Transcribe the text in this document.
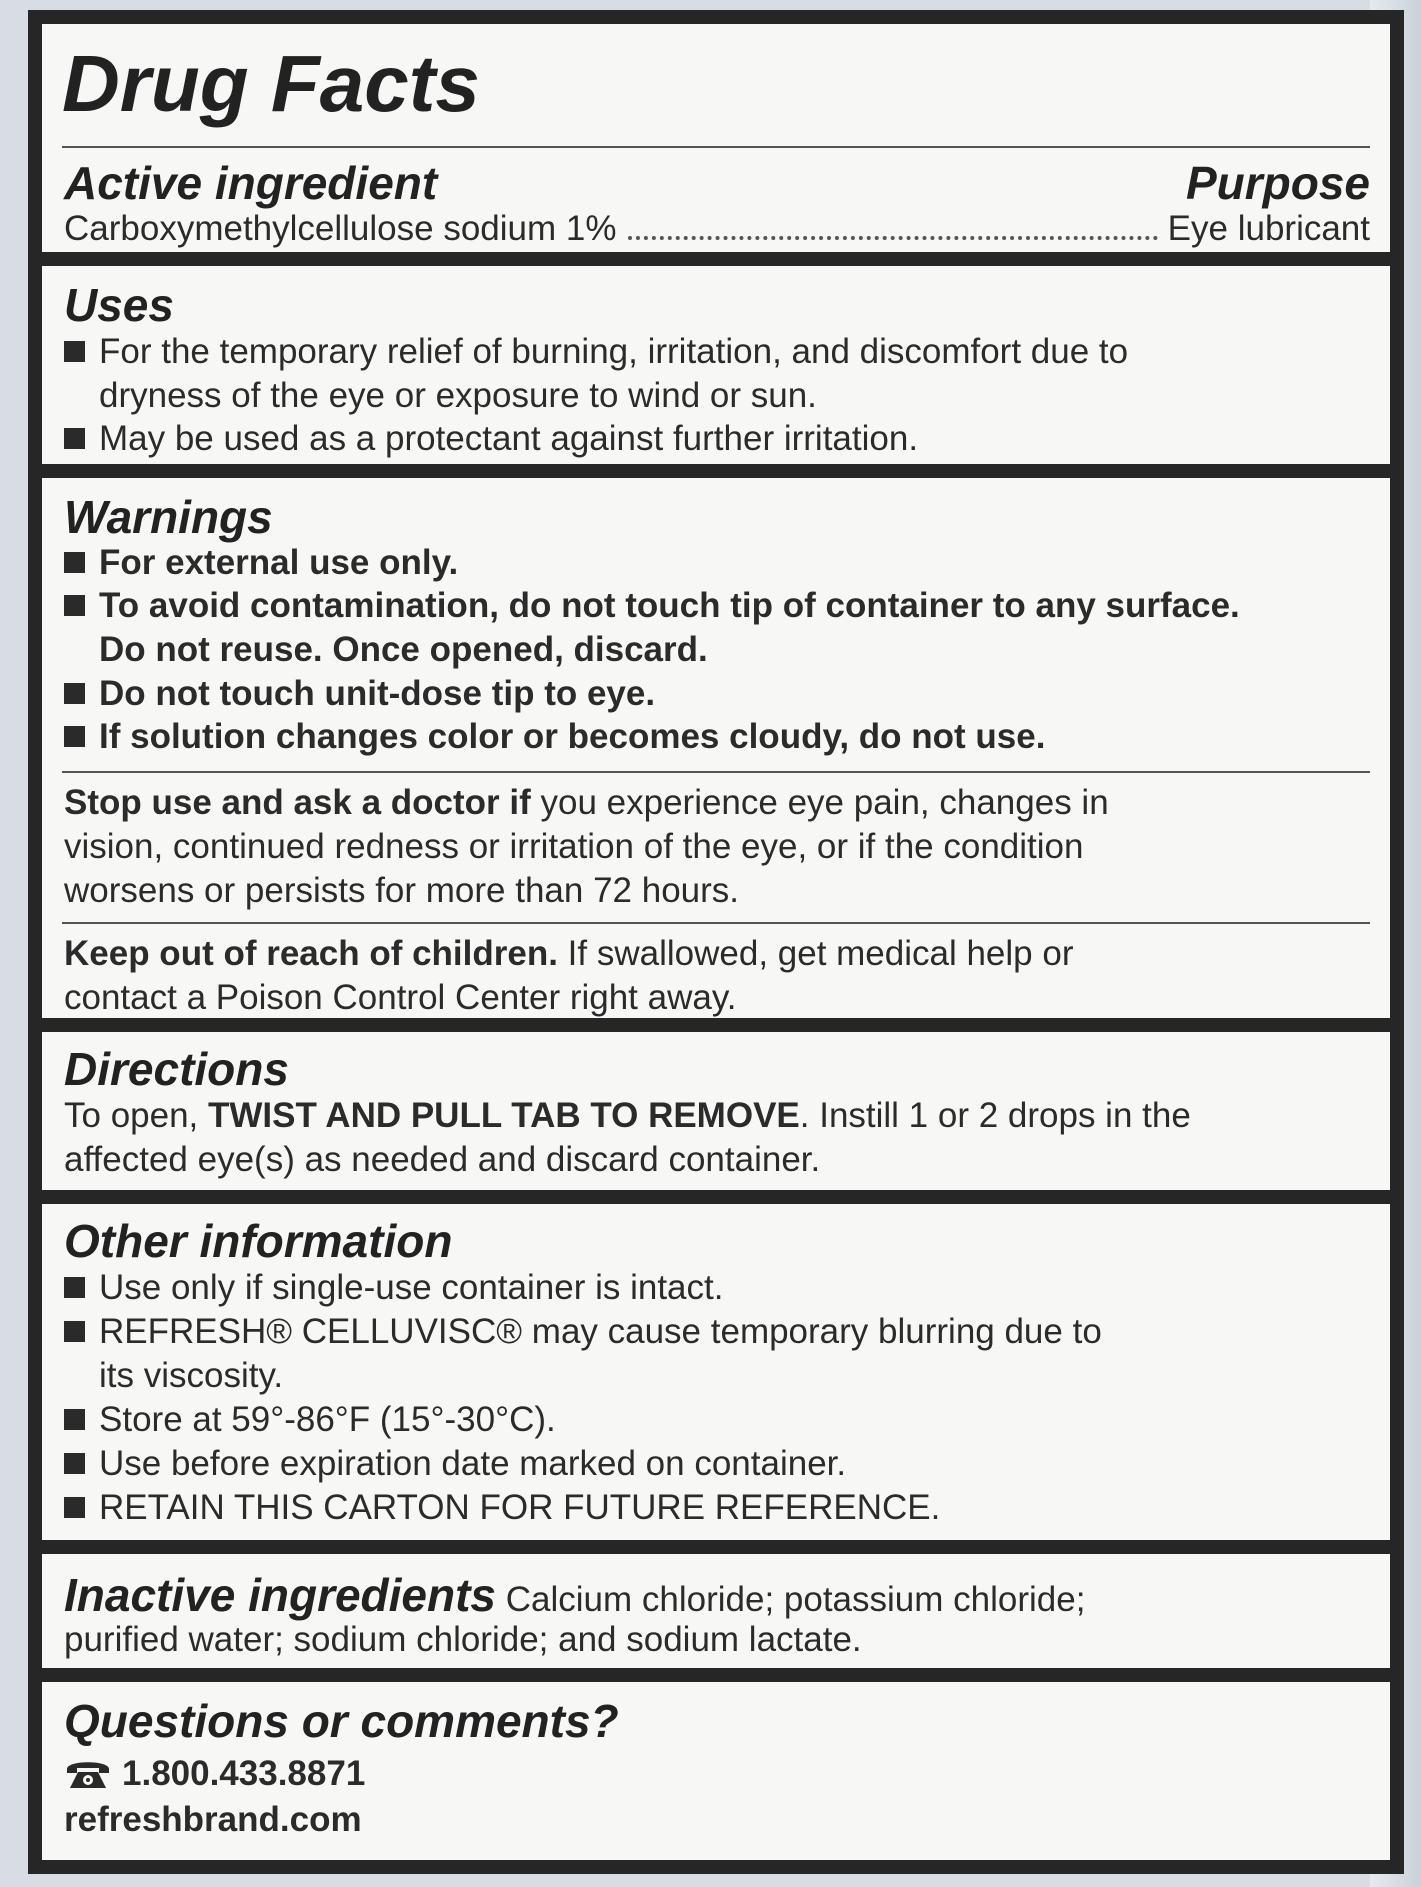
Drug Facts
Active ingredient	Purpose
Carboxymethylcellulose sodium 1%	Eye lubricant
Uses
For the temporary relief of burning, irritation, and discomfort due to
dryness of the eye or exposure to wind or sun.
May be used as a protectant against further irritation.
Warnings
For external use only.
To avoid contamination, do not touch tip of container to any surface.
Do not reuse. Once opened, discard.
Do not touch unit-dose tip to eye.
If solution changes color or becomes cloudy, do not use.
Stop use and ask a doctor if you experience eye pain, changes in
vision, continued redness or irritation of the eye, or if the condition
worsens or persists for more than 72 hours.
Keep out of reach of children. If swallowed, get medical help or
contact a Poison Control Center right away.
Directions
To open, TWIST AND PULL TAB TO REMOVE. Instill 1 or 2 drops in the
affected eye(s) as needed and discard container.
Other information
Use only if single-use container is intact.
REFRESH® CELLUVISC® may cause temporary blurring due to
its viscosity.
Store at 59°-86°F (15°-30°C).
Use before expiration date marked on container.
RETAIN THIS CARTON FOR FUTURE REFERENCE.
Inactive ingredients Calcium chloride; potassium chloride;
purified water; sodium chloride; and sodium lactate.
Questions or comments?
1.800.433.8871
refreshbrand.com
